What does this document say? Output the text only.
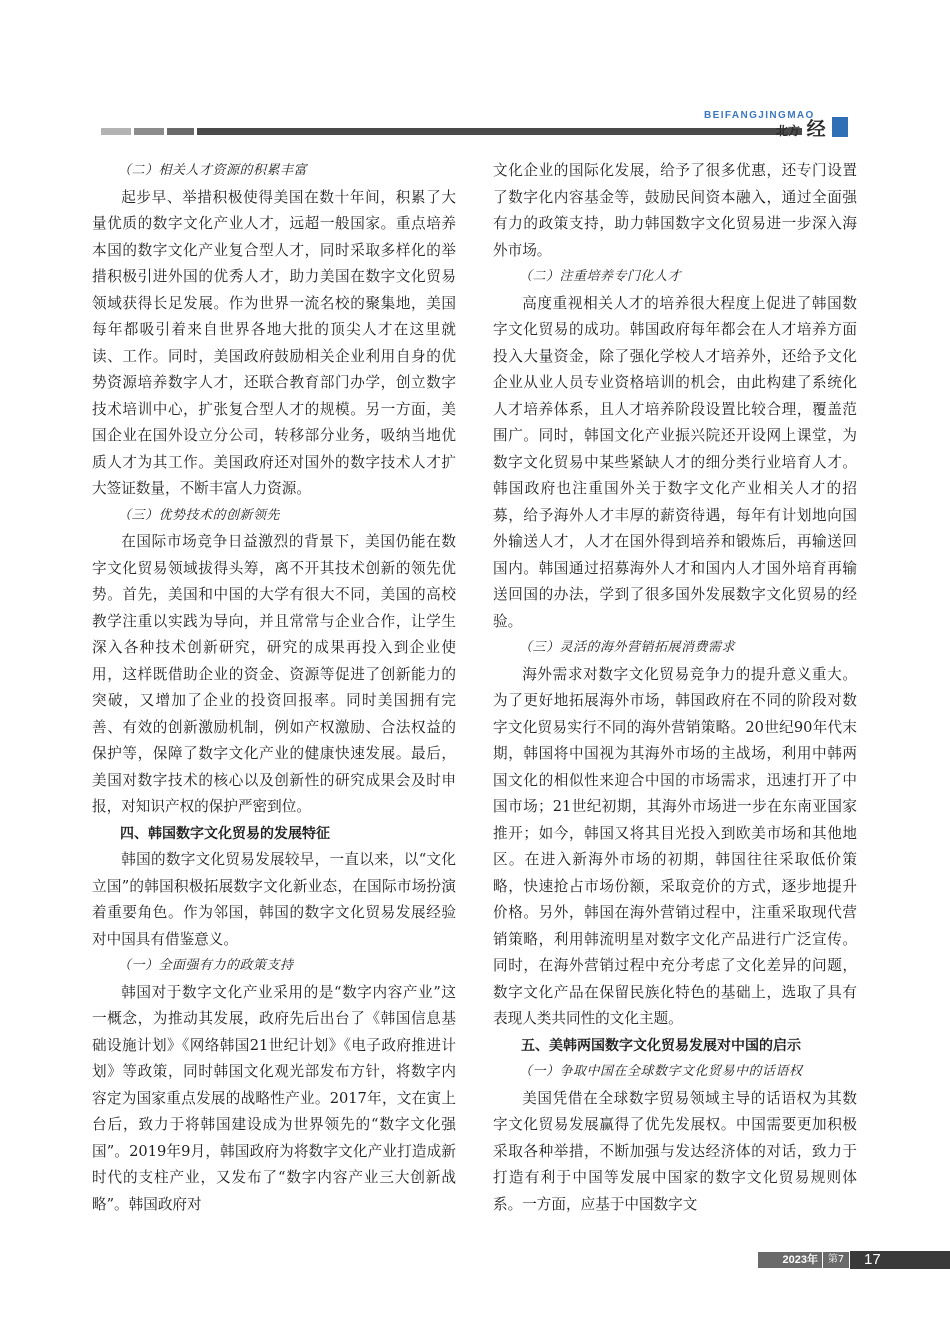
BEIFANGJINGMAO
北方 经

（二）相关人才资源的积累丰富

起步早、举措积极使得美国在数十年间，积累了大量优质的数字文化产业人才，远超一般国家。重点培养本国的数字文化产业复合型人才，同时采取多样化的举措积极引进外国的优秀人才，助力美国在数字文化贸易领域获得长足发展。作为世界一流名校的聚集地，美国每年都吸引着来自世界各地大批的顶尖人才在这里就读、工作。同时，美国政府鼓励相关企业利用自身的优势资源培养数字人才，还联合教育部门办学，创立数字技术培训中心，扩张复合型人才的规模。另一方面，美国企业在国外设立分公司，转移部分业务，吸纳当地优质人才为其工作。美国政府还对国外的数字技术人才扩大签证数量，不断丰富人力资源。

（三）优势技术的创新领先

在国际市场竞争日益激烈的背景下，美国仍能在数字文化贸易领域拔得头筹，离不开其技术创新的领先优势。首先，美国和中国的大学有很大不同，美国的高校教学注重以实践为导向，并且常常与企业合作，让学生深入各种技术创新研究，研究的成果再投入到企业使用，这样既借助企业的资金、资源等促进了创新能力的突破，又增加了企业的投资回报率。同时美国拥有完善、有效的创新激励机制，例如产权激励、合法权益的保护等，保障了数字文化产业的健康快速发展。最后，美国对数字技术的核心以及创新性的研究成果会及时申报，对知识产权的保护严密到位。

四、韩国数字文化贸易的发展特征

韩国的数字文化贸易发展较早，一直以来，以“文化立国”的韩国积极拓展数字文化新业态，在国际市场扮演着重要角色。作为邻国，韩国的数字文化贸易发展经验对中国具有借鉴意义。

（一）全面强有力的政策支持

韩国对于数字文化产业采用的是“数字内容产业”这一概念，为推动其发展，政府先后出台了《韩国信息基础设施计划》《网络韩国21世纪计划》《电子政府推进计划》等政策，同时韩国文化观光部发布方针，将数字内容定为国家重点发展的战略性产业。2017年，文在寅上台后，致力于将韩国建设成为世界领先的“数字文化强国”。2019年9月，韩国政府为将数字文化产业打造成新时代的支柱产业，又发布了“数字内容产业三大创新战略”。韩国政府对

文化企业的国际化发展，给予了很多优惠，还专门设置了数字化内容基金等，鼓励民间资本融入，通过全面强有力的政策支持，助力韩国数字文化贸易进一步深入海外市场。

（二）注重培养专门化人才

高度重视相关人才的培养很大程度上促进了韩国数字文化贸易的成功。韩国政府每年都会在人才培养方面投入大量资金，除了强化学校人才培养外，还给予文化企业从业人员专业资格培训的机会，由此构建了系统化人才培养体系，且人才培养阶段设置比较合理，覆盖范围广。同时，韩国文化产业振兴院还开设网上课堂，为数字文化贸易中某些紧缺人才的细分类行业培育人才。韩国政府也注重国外关于数字文化产业相关人才的招募，给予海外人才丰厚的薪资待遇，每年有计划地向国外输送人才，人才在国外得到培养和锻炼后，再输送回国内。韩国通过招募海外人才和国内人才国外培育再输送回国的办法，学到了很多国外发展数字文化贸易的经验。

（三）灵活的海外营销拓展消费需求

海外需求对数字文化贸易竞争力的提升意义重大。为了更好地拓展海外市场，韩国政府在不同的阶段对数字文化贸易实行不同的海外营销策略。20世纪90年代末期，韩国将中国视为其海外市场的主战场，利用中韩两国文化的相似性来迎合中国的市场需求，迅速打开了中国市场；21世纪初期，其海外市场进一步在东南亚国家推开；如今，韩国又将其目光投入到欧美市场和其他地区。在进入新海外市场的初期，韩国往往采取低价策略，快速抢占市场份额，采取竞价的方式，逐步地提升价格。另外，韩国在海外营销过程中，注重采取现代营销策略，利用韩流明星对数字文化产品进行广泛宣传。同时，在海外营销过程中充分考虑了文化差异的问题，数字文化产品在保留民族化特色的基础上，选取了具有表现人类共同性的文化主题。

五、美韩两国数字文化贸易发展对中国的启示

（一）争取中国在全球数字文化贸易中的话语权

美国凭借在全球数字贸易领域主导的话语权为其数字文化贸易发展赢得了优先发展权。中国需要更加积极采取各种举措，不断加强与发达经济体的对话，致力于打造有利于中国等发展中国家的数字文化贸易规则体系。一方面，应基于中国数字文

2023年 第7期
17
